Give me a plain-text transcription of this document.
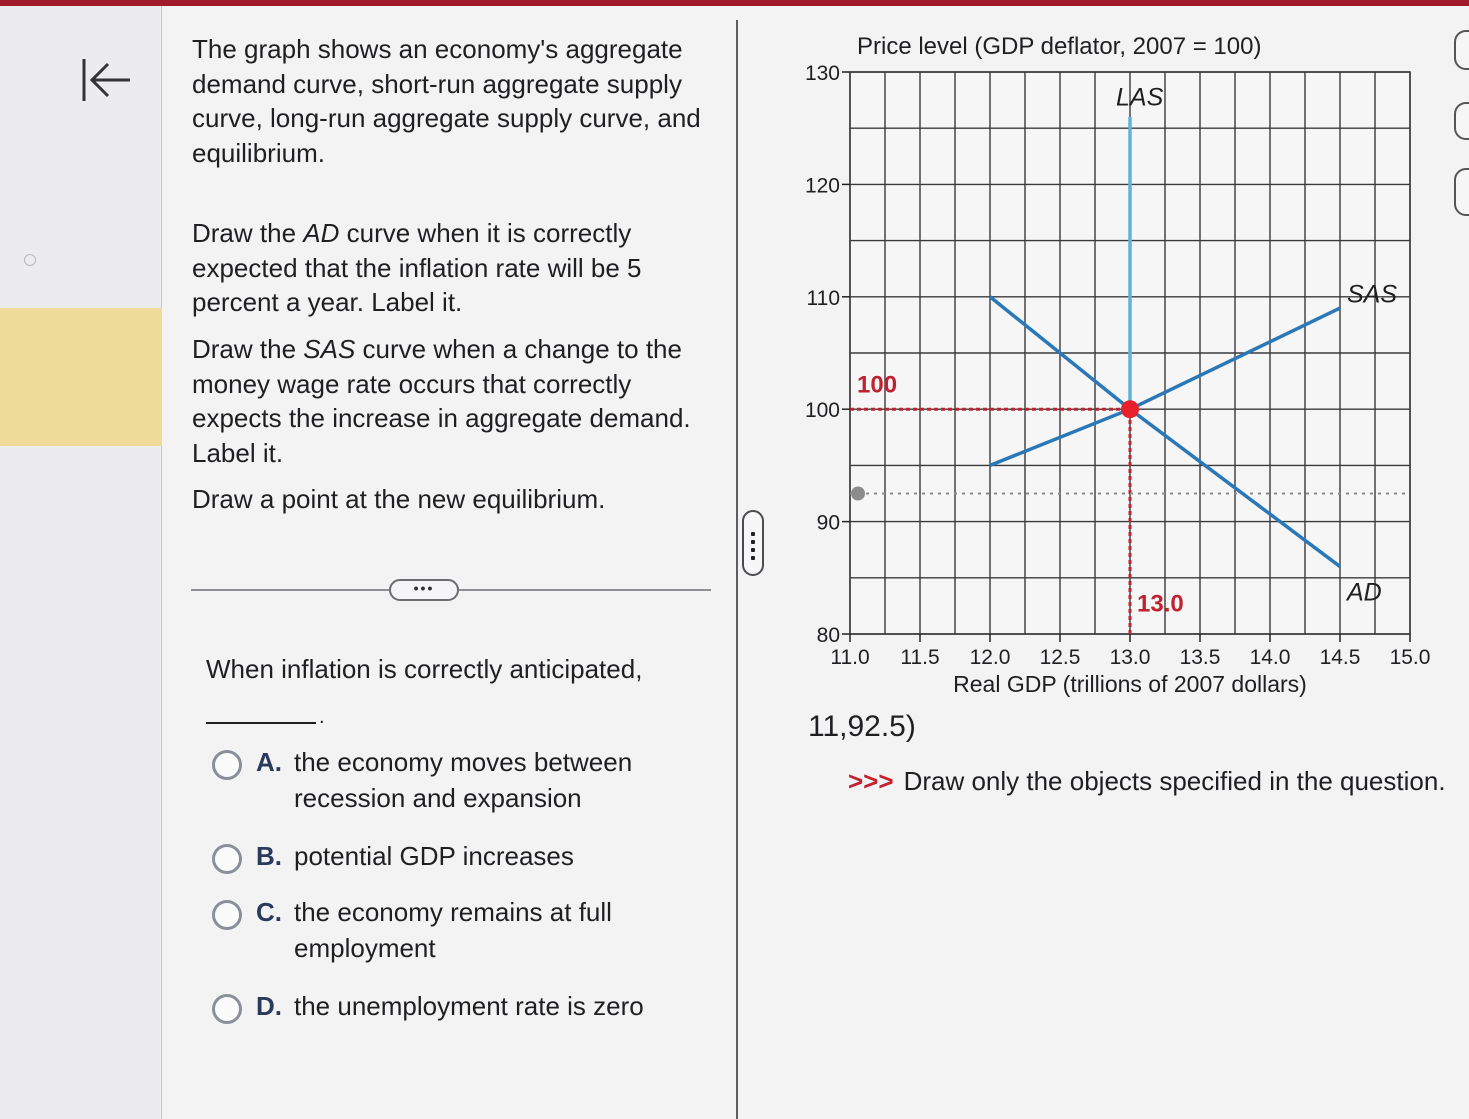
The graph shows an economy's aggregate demand curve, short-run aggregate supply curve, long-run aggregate supply curve, and equilibrium.
Draw the AD curve when it is correctly expected that the inflation rate will be 5 percent a year. Label it.
Draw the SAS curve when a change to the money wage rate occurs that correctly expects the increase in aggregate demand. Label it.
Draw a point at the new equilibrium.
•••
When inflation is correctly anticipated,
.
A. the economy moves between recession and expansion
B. potential GDP increases
C. the economy remains at full employment
D. the unemployment rate is zero
Price level (GDP deflator, 2007 = 100)
80
90
100
110
120
130
11.0 11.5 12.0 12.5 13.0 13.5 14.0 14.5 15.0
Real GDP (trillions of 2007 dollars)
100
13.0
LAS
SAS
AD
11,92.5)
>>> Draw only the objects specified in the question.
